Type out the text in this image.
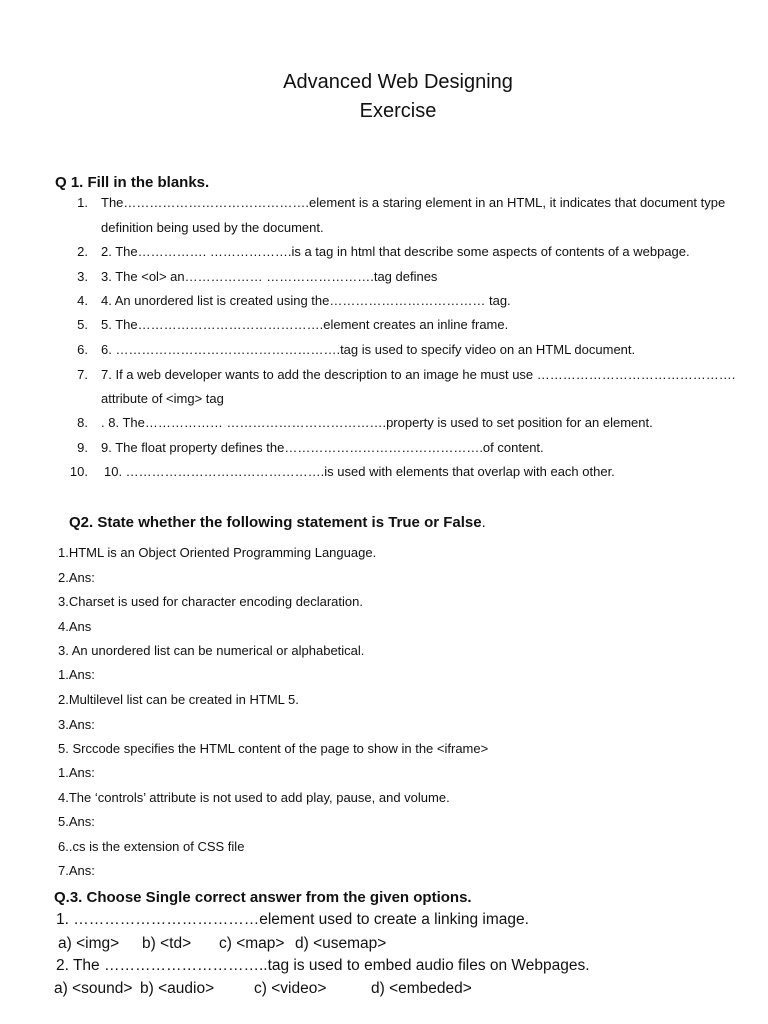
Advanced Web Designing
Exercise
Q 1. Fill in the blanks.
1. The…………………………………….element is a staring element in an HTML, it indicates that document type
definition being used by the document.
2. 2. The……………. ……………….is a tag in html that describe some aspects of contents of a webpage.
3. 3. The <ol> an……………… …………………….tag defines
4. 4. An unordered list is created using the……………………………… tag.
5. 5. The…………………………………….element creates an inline frame.
6. 6. …………………………………………….tag is used to specify video on an HTML document.
7. 7. If a web developer wants to add the description to an image he must use ……………………………………….
attribute of <img> tag
8. . 8. The……………… ……………………………….property is used to set position for an element.
9. 9. The float property defines the……………………………………….of content.
10. 10. ……………………………………….is used with elements that overlap with each other.
Q2. State whether the following statement is True or False.
1.HTML is an Object Oriented Programming Language.
2.Ans:
3.Charset is used for character encoding declaration.
4.Ans
3. An unordered list can be numerical or alphabetical.
1.Ans:
2.Multilevel list can be created in HTML 5.
3.Ans:
5. Srccode specifies the HTML content of the page to show in the <iframe>
1.Ans:
4.The ‘controls’ attribute is not used to add play, pause, and volume.
5.Ans:
6..cs is the extension of CSS file
7.Ans:
Q.3. Choose Single correct answer from the given options.
1. ………………………………element used to create a linking image.
a) <img> b) <td> c) <map> d) <usemap>
2. The …………………………..tag is used to embed audio files on Webpages.
a) <sound> b) <audio>	c) <video>	d) <embeded>
